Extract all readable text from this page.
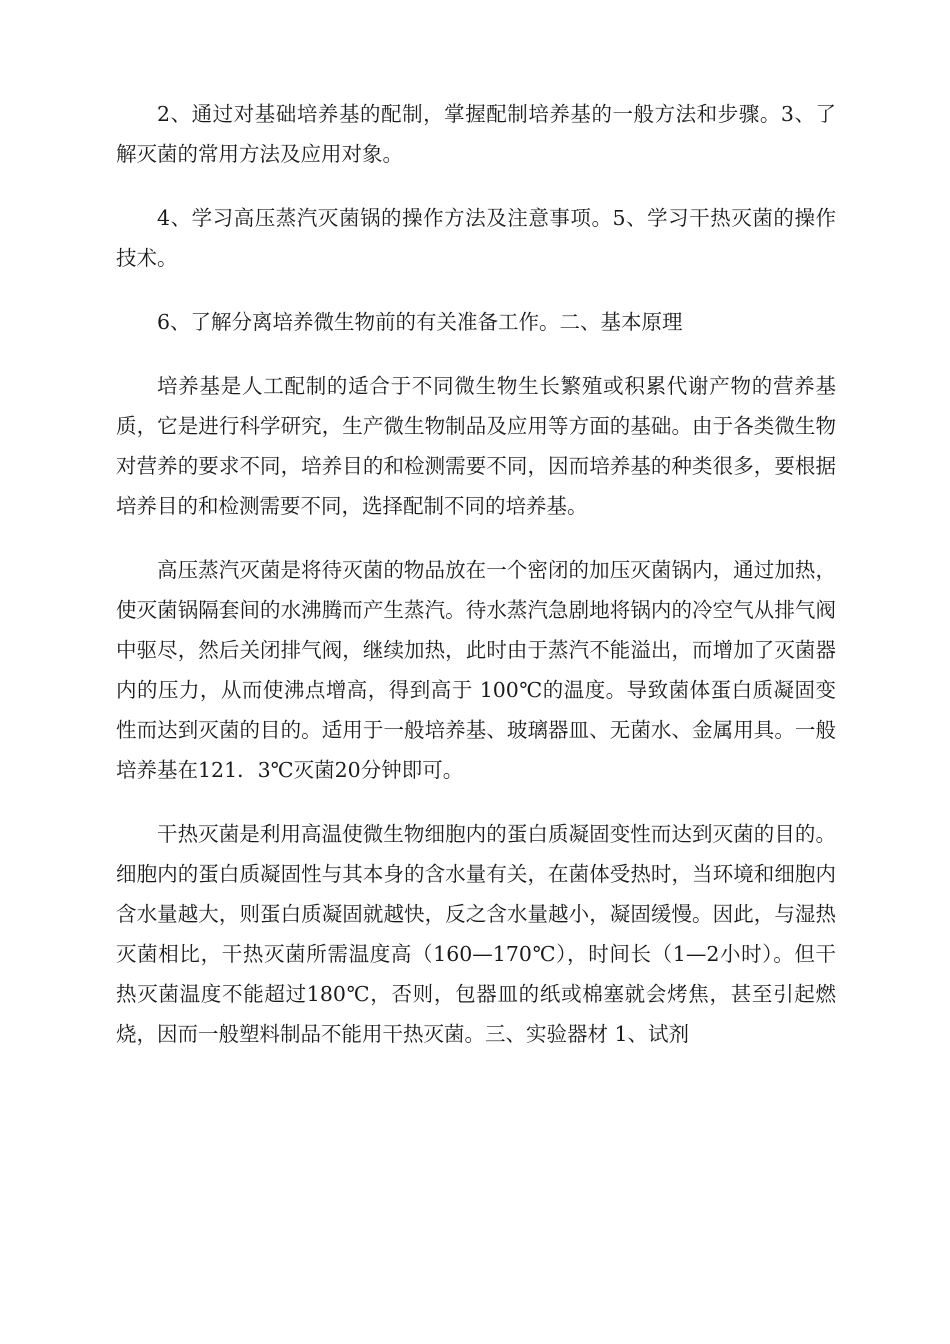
2、通过对基础培养基的配制，掌握配制培养基的一般方法和步骤。3、了解灭菌的常用方法及应用对象。

4、学习高压蒸汽灭菌锅的操作方法及注意事项。5、学习干热灭菌的操作技术。

6、了解分离培养微生物前的有关准备工作。二、基本原理

培养基是人工配制的适合于不同微生物生长繁殖或积累代谢产物的营养基质，它是进行科学研究，生产微生物制品及应用等方面的基础。由于各类微生物对营养的要求不同，培养目的和检测需要不同，因而培养基的种类很多，要根据培养目的和检测需要不同，选择配制不同的培养基。

高压蒸汽灭菌是将待灭菌的物品放在一个密闭的加压灭菌锅内，通过加热，使灭菌锅隔套间的水沸腾而产生蒸汽。待水蒸汽急剧地将锅内的冷空气从排气阀中驱尽，然后关闭排气阀，继续加热，此时由于蒸汽不能溢出，而增加了灭菌器内的压力，从而使沸点增高，得到高于 100℃的温度。导致菌体蛋白质凝固变性而达到灭菌的目的。适用于一般培养基、玻璃器皿、无菌水、金属用具。一般培养基在121．3℃灭菌20分钟即可。

干热灭菌是利用高温使微生物细胞内的蛋白质凝固变性而达到灭菌的目的。细胞内的蛋白质凝固性与其本身的含水量有关，在菌体受热时，当环境和细胞内含水量越大，则蛋白质凝固就越快，反之含水量越小，凝固缓慢。因此，与湿热灭菌相比，干热灭菌所需温度高（160—170℃），时间长（1—2小时）。但干热灭菌温度不能超过180℃，否则，包器皿的纸或棉塞就会烤焦，甚至引起燃烧，因而一般塑料制品不能用干热灭菌。三、实验器材 1、试剂
